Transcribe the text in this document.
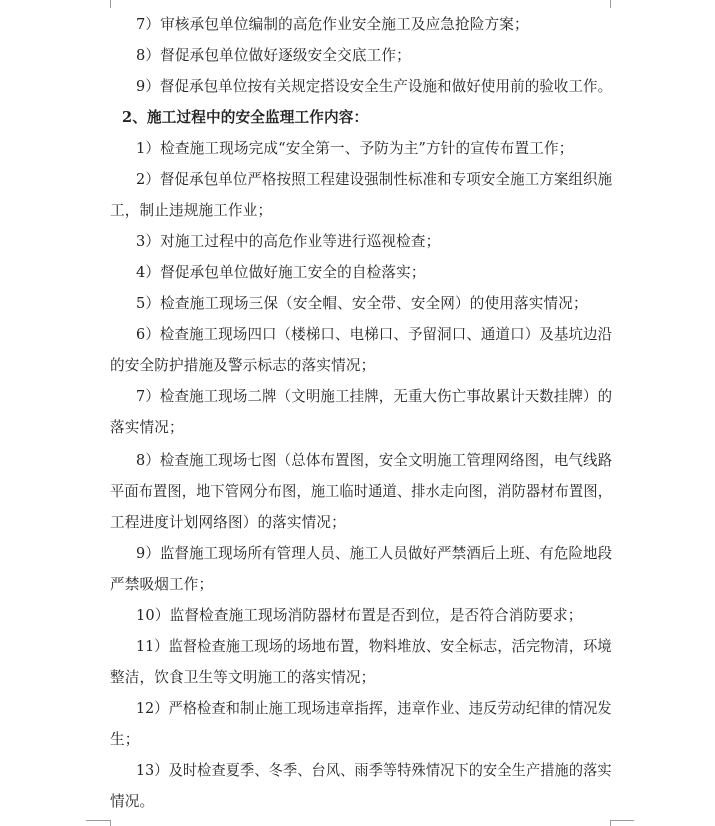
7）审核承包单位编制的高危作业安全施工及应急抢险方案；
8）督促承包单位做好逐级安全交底工作；
9）督促承包单位按有关规定搭设安全生产设施和做好使用前的验收工作。
2、施工过程中的安全监理工作内容：
1）检查施工现场完成“安全第一、予防为主”方针的宣传布置工作；
2）督促承包单位严格按照工程建设强制性标准和专项安全施工方案组织施
工，制止违规施工作业；
3）对施工过程中的高危作业等进行巡视检查；
4）督促承包单位做好施工安全的自检落实；
5）检查施工现场三保（安全帽、安全带、安全网）的使用落实情况；
6）检查施工现场四口（楼梯口、电梯口、予留洞口、通道口）及基坑边沿
的安全防护措施及警示标志的落实情况；
7）检查施工现场二牌（文明施工挂牌，无重大伤亡事故累计天数挂牌）的
落实情况；
8）检查施工现场七图（总体布置图，安全文明施工管理网络图，电气线路
平面布置图，地下管网分布图，施工临时通道、排水走向图，消防器材布置图，
工程进度计划网络图）的落实情况；
9）监督施工现场所有管理人员、施工人员做好严禁酒后上班、有危险地段
严禁吸烟工作；
10）监督检查施工现场消防器材布置是否到位，是否符合消防要求；
11）监督检查施工现场的场地布置，物料堆放、安全标志，活完物清，环境
整洁，饮食卫生等文明施工的落实情况；
12）严格检查和制止施工现场违章指挥，违章作业、违反劳动纪律的情况发
生；
13）及时检查夏季、冬季、台风、雨季等特殊情况下的安全生产措施的落实
情况。
